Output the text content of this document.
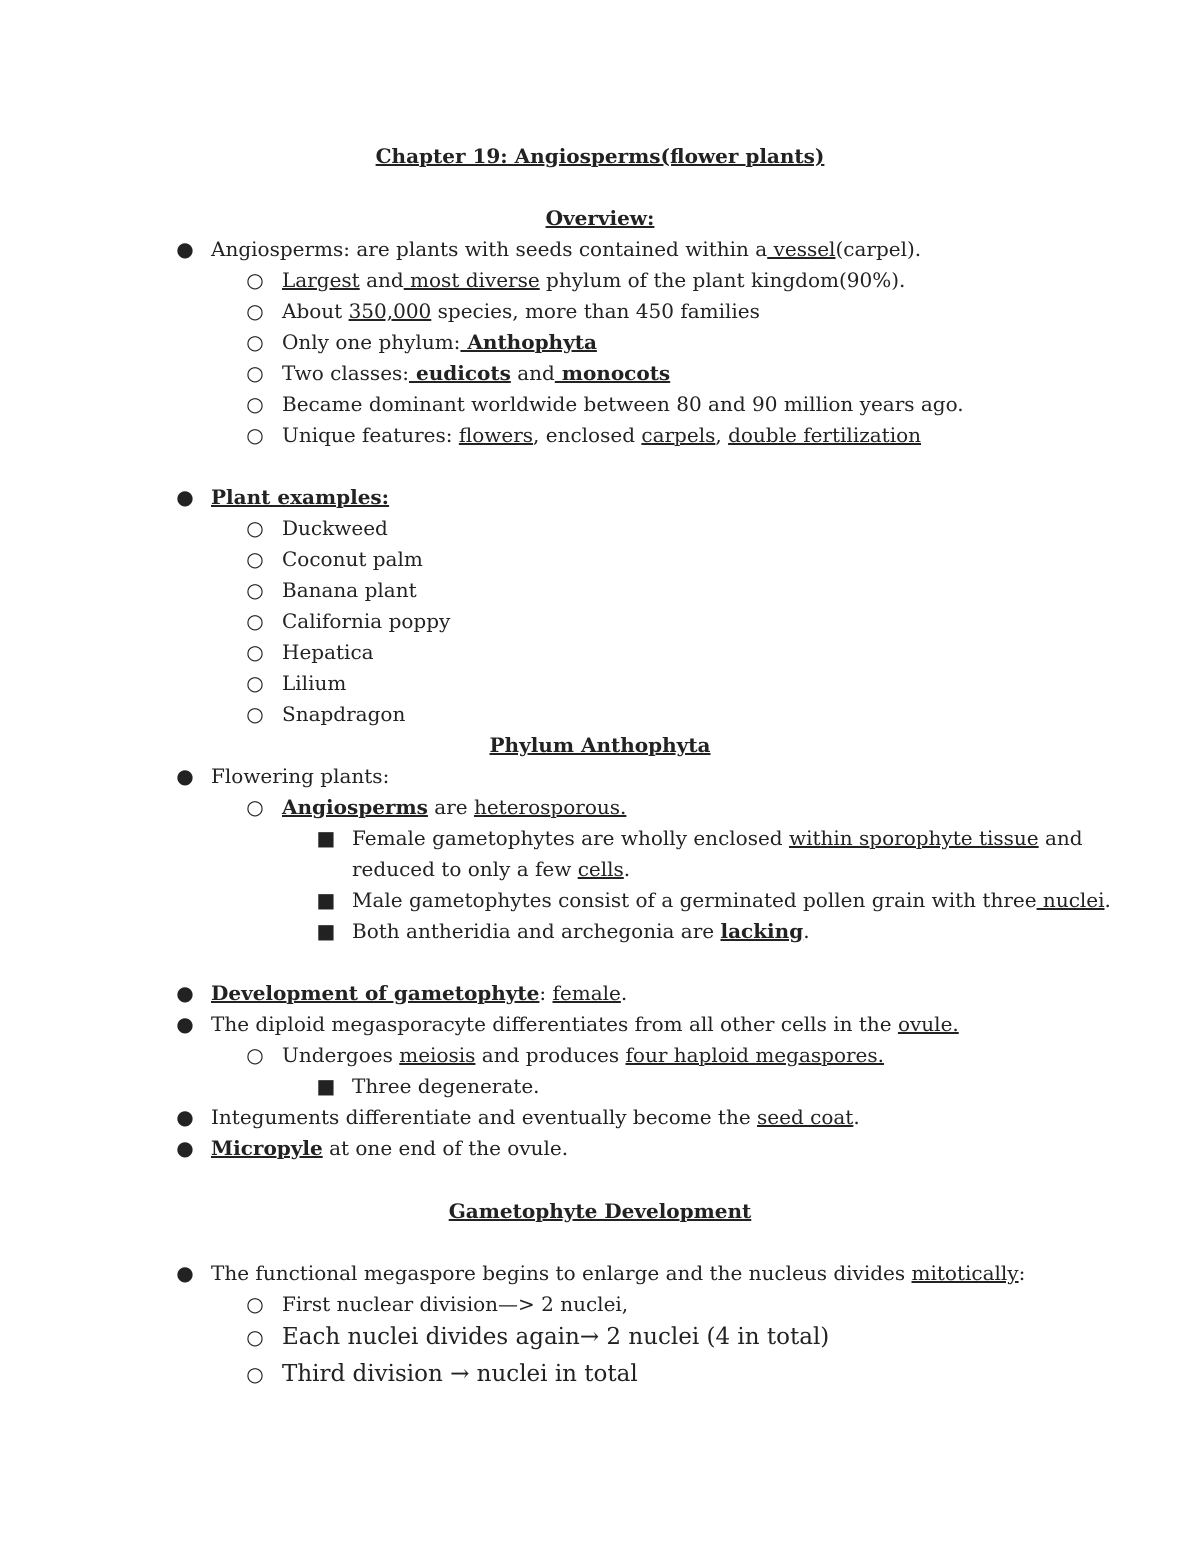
Chapter 19: Angiosperms(flower plants)
Overview:
● Angiosperms: are plants with seeds contained within a vessel(carpel).
○ Largest and most diverse phylum of the plant kingdom(90%).
○ About 350,000 species, more than 450 families
○ Only one phylum: Anthophyta
○ Two classes: eudicots and monocots
○ Became dominant worldwide between 80 and 90 million years ago.
○ Unique features: flowers, enclosed carpels, double fertilization
● Plant examples:
○ Duckweed
○ Coconut palm
○ Banana plant
○ California poppy
○ Hepatica
○ Lilium
○ Snapdragon
Phylum Anthophyta
● Flowering plants:
○ Angiosperms are heterosporous.
■ Female gametophytes are wholly enclosed within sporophyte tissue and
reduced to only a few cells.
■ Male gametophytes consist of a germinated pollen grain with three nuclei.
■ Both antheridia and archegonia are lacking.
● Development of gametophyte: female.
● The diploid megasporacyte differentiates from all other cells in the ovule.
○ Undergoes meiosis and produces four haploid megaspores.
■ Three degenerate.
● Integuments differentiate and eventually become the seed coat.
● Micropyle at one end of the ovule.
Gametophyte Development
● The functional megaspore begins to enlarge and the nucleus divides mitotically:
○ First nuclear division—> 2 nuclei,
○ Each nuclei divides again→ 2 nuclei (4 in total)
○ Third division → nuclei in total
